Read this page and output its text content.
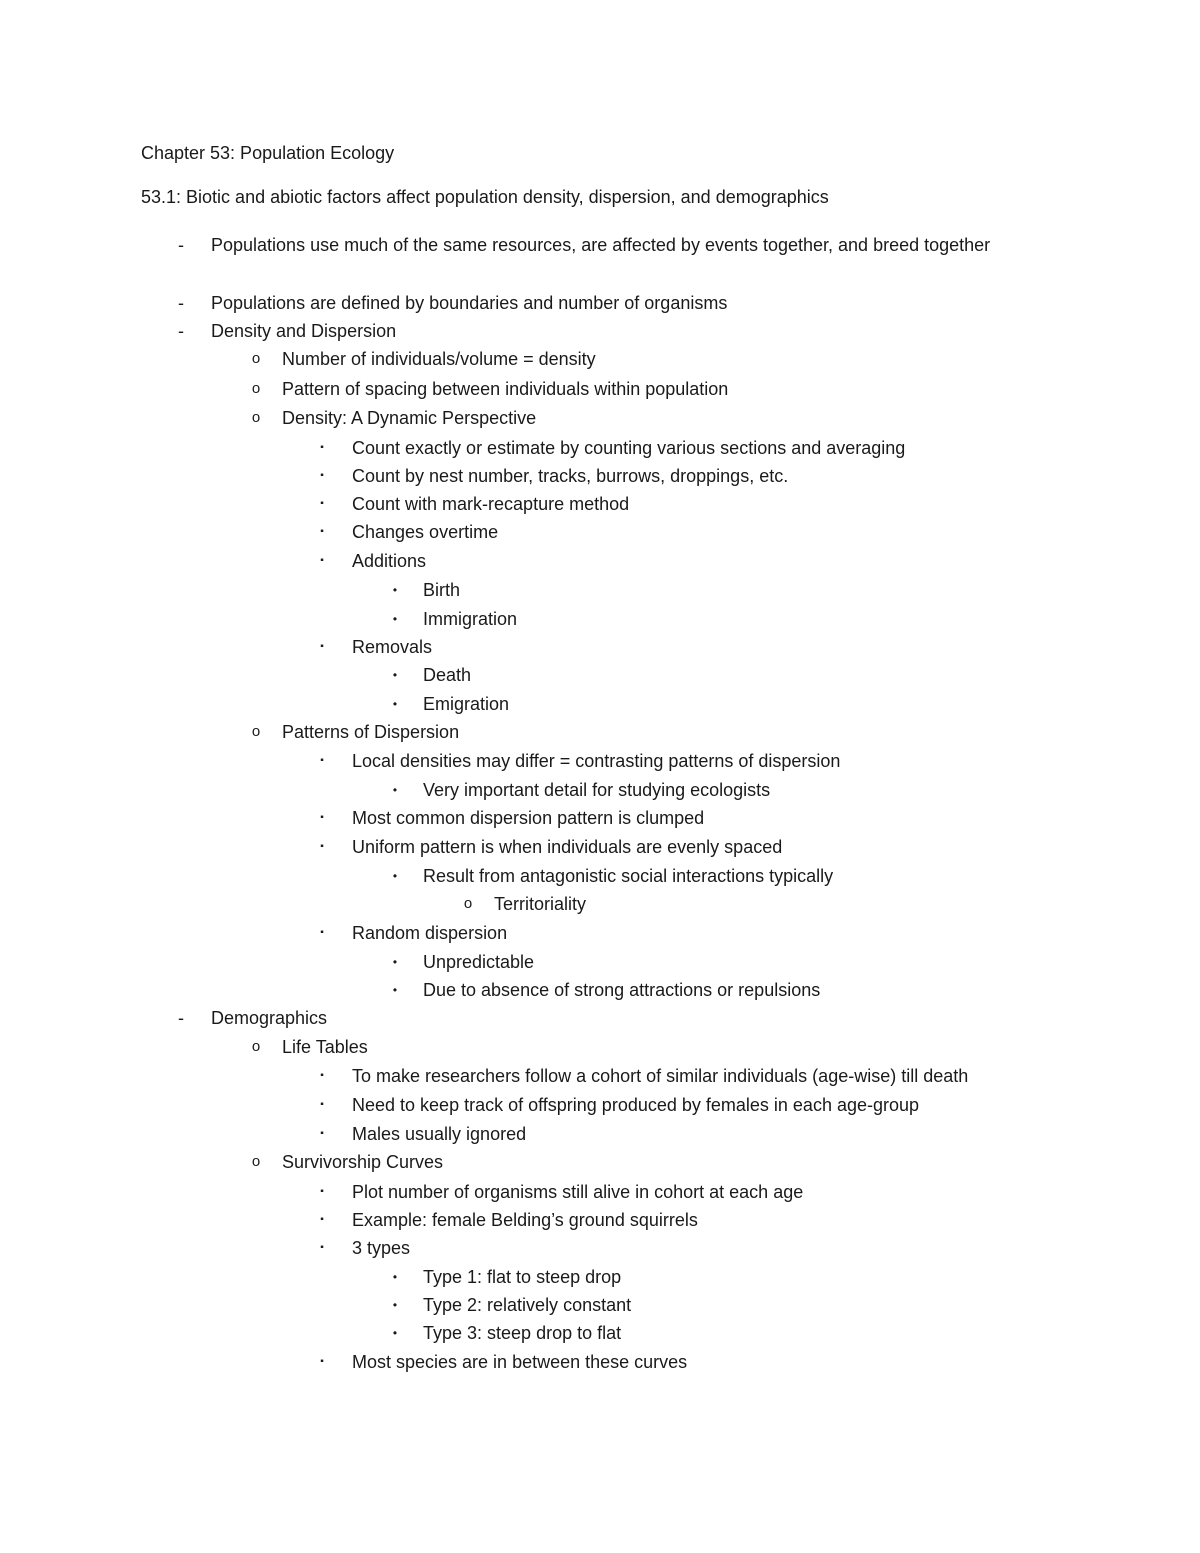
Chapter 53: Population Ecology
53.1: Biotic and abiotic factors affect population density, dispersion, and demographics
-	Populations use much of the same resources, are affected by events together, and breed together
-	Populations are defined by boundaries and number of organisms
-	Density and Dispersion
o	Number of individuals/volume = density
o	Pattern of spacing between individuals within population
o	Density: A Dynamic Perspective
▪	Count exactly or estimate by counting various sections and averaging
▪	Count by nest number, tracks, burrows, droppings, etc.
▪	Count with mark-recapture method
▪	Changes overtime
▪	Additions
•	Birth
•	Immigration
▪	Removals
•	Death
•	Emigration
o	Patterns of Dispersion
▪	Local densities may differ = contrasting patterns of dispersion
•	Very important detail for studying ecologists
▪	Most common dispersion pattern is clumped
▪	Uniform pattern is when individuals are evenly spaced
•	Result from antagonistic social interactions typically
o	Territoriality
▪	Random dispersion
•	Unpredictable
•	Due to absence of strong attractions or repulsions
-	Demographics
o	Life Tables
▪	To make researchers follow a cohort of similar individuals (age-wise) till death
▪	Need to keep track of offspring produced by females in each age-group
▪	Males usually ignored
o	Survivorship Curves
▪	Plot number of organisms still alive in cohort at each age
▪	Example: female Belding’s ground squirrels
▪	3 types
•	Type 1: flat to steep drop
•	Type 2: relatively constant
•	Type 3: steep drop to flat
▪	Most species are in between these curves
